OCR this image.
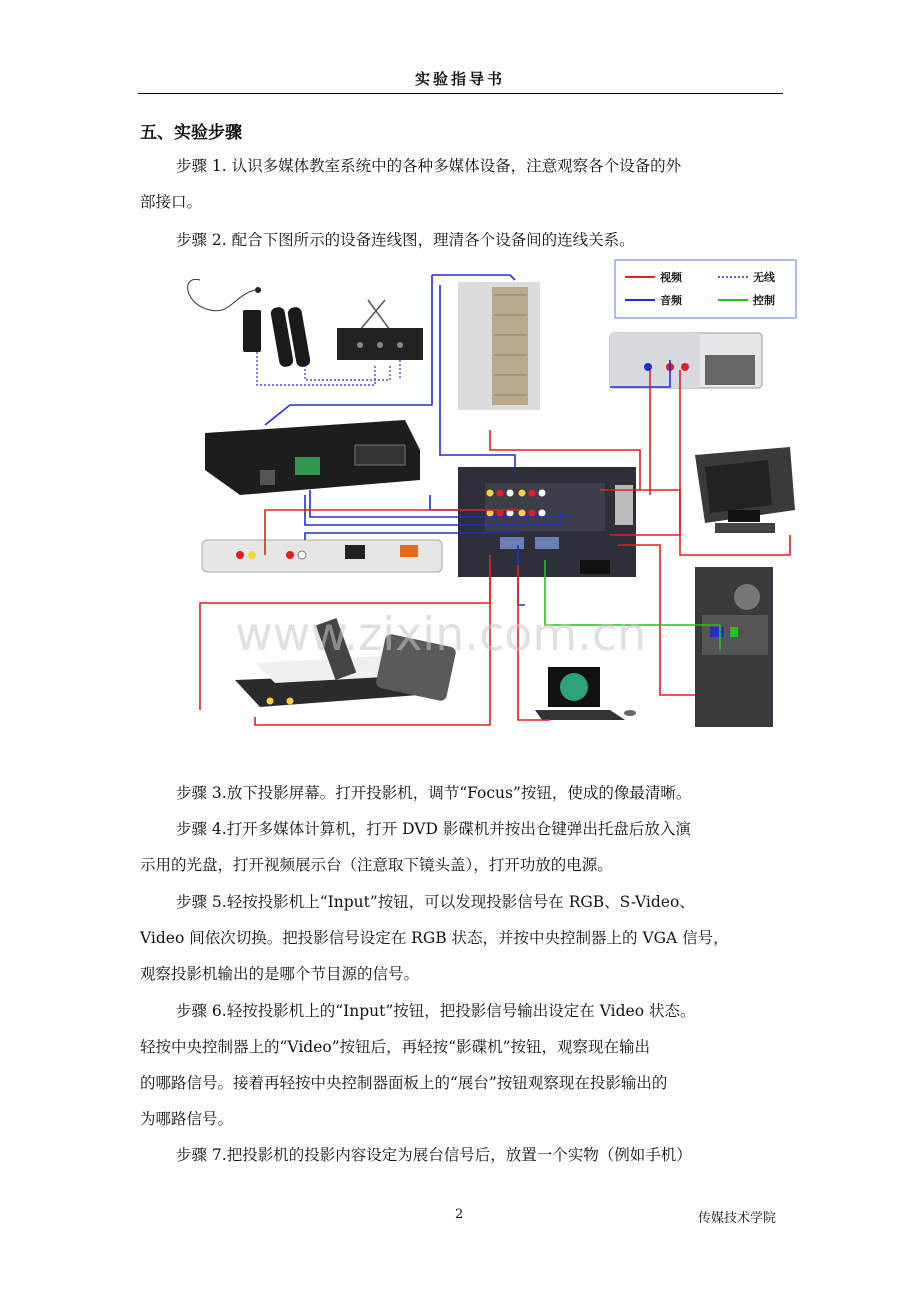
实验指导书
五、实验步骤
步骤 1. 认识多媒体教室系统中的各种多媒体设备，注意观察各个设备的外
部接口。
步骤 2. 配合下图所示的设备连线图，理清各个设备间的连线关系。
视频
音频
无线
控制
www.zixin.com.cn
步骤 3.放下投影屏幕。打开投影机，调节“Focus”按钮，使成的像最清晰。
步骤 4.打开多媒体计算机，打开 DVD 影碟机并按出仓键弹出托盘后放入演
示用的光盘，打开视频展示台（注意取下镜头盖），打开功放的电源。
步骤 5.轻按投影机上“Input”按钮，可以发现投影信号在 RGB、S-Video、
Video 间依次切换。把投影信号设定在 RGB 状态，并按中央控制器上的 VGA 信号，
观察投影机输出的是哪个节目源的信号。
步骤 6.轻按投影机上的“Input”按钮，把投影信号输出设定在 Video 状态。
轻按中央控制器上的“Video”按钮后，再轻按“影碟机”按钮，观察现在输出
的哪路信号。接着再轻按中央控制器面板上的“展台”按钮观察现在投影输出的
为哪路信号。
步骤 7.把投影机的投影内容设定为展台信号后，放置一个实物（例如手机）
2	传媒技术学院
